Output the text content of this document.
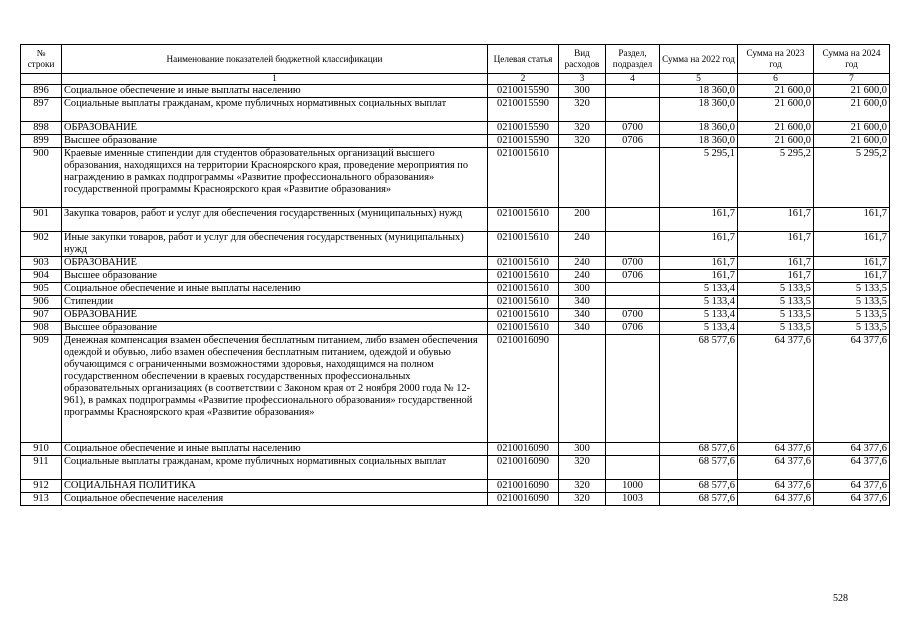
№ строки	Наименование показателей бюджетной классификации	Целевая статья	Вид расходов	Раздел, подраздел	Сумма на 2022 год	Сумма на 2023 год	Сумма на 2024 год
	1	2	3	4	5	6	7
896	Социальное обеспечение и иные выплаты населению	0210015590	300		18 360,0	21 600,0	21 600,0
897	Социальные выплаты гражданам, кроме публичных нормативных социальных выплат	0210015590	320		18 360,0	21 600,0	21 600,0
898	ОБРАЗОВАНИЕ	0210015590	320	0700	18 360,0	21 600,0	21 600,0
899	Высшее образование	0210015590	320	0706	18 360,0	21 600,0	21 600,0
900	Краевые именные стипендии для студентов образовательных организаций высшего образования, находящихся на территории Красноярского края, проведение мероприятия по награждению в рамках подпрограммы «Развитие профессионального образования» государственной программы Красноярского края «Развитие образования»	0210015610			5 295,1	5 295,2	5 295,2
901	Закупка товаров, работ и услуг для обеспечения государственных (муниципальных) нужд	0210015610	200		161,7	161,7	161,7
902	Иные закупки товаров, работ и услуг для обеспечения государственных (муниципальных) нужд	0210015610	240		161,7	161,7	161,7
903	ОБРАЗОВАНИЕ	0210015610	240	0700	161,7	161,7	161,7
904	Высшее образование	0210015610	240	0706	161,7	161,7	161,7
905	Социальное обеспечение и иные выплаты населению	0210015610	300		5 133,4	5 133,5	5 133,5
906	Стипендии	0210015610	340		5 133,4	5 133,5	5 133,5
907	ОБРАЗОВАНИЕ	0210015610	340	0700	5 133,4	5 133,5	5 133,5
908	Высшее образование	0210015610	340	0706	5 133,4	5 133,5	5 133,5
909	Денежная компенсация взамен обеспечения бесплатным питанием, либо взамен обеспечения одеждой и обувью, либо взамен обеспечения бесплатным питанием, одеждой и обувью обучающимся с ограниченными возможностями здоровья, находящимся на полном государственном обеспечении в краевых государственных профессиональных образовательных организациях (в соответствии с Законом края от 2 ноября 2000 года № 12-961), в рамках подпрограммы «Развитие профессионального образования» государственной программы Красноярского края «Развитие образования»	0210016090			68 577,6	64 377,6	64 377,6
910	Социальное обеспечение и иные выплаты населению	0210016090	300		68 577,6	64 377,6	64 377,6
911	Социальные выплаты гражданам, кроме публичных нормативных социальных выплат	0210016090	320		68 577,6	64 377,6	64 377,6
912	СОЦИАЛЬНАЯ ПОЛИТИКА	0210016090	320	1000	68 577,6	64 377,6	64 377,6
913	Социальное обеспечение населения	0210016090	320	1003	68 577,6	64 377,6	64 377,6
528
